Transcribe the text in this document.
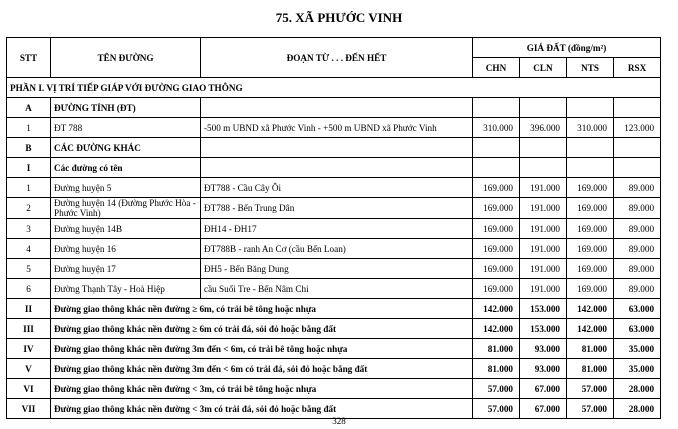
75. XÃ PHƯỚC VINH
STT	TÊN ĐƯỜNG	ĐOẠN TỪ . . . ĐẾN HẾT	GIÁ ĐẤT (đồng/m²)			
			CHN	CLN	NTS	RSX
PHẦN I. VỊ TRÍ TIẾP GIÁP VỚI ĐƯỜNG GIAO THÔNG						
A	ĐƯỜNG TỈNH (ĐT)					
1	ĐT 788	-500 m UBND xã Phước Vinh - +500 m UBND xã Phước Vinh	310.000	396.000	310.000	123.000
B	CÁC ĐƯỜNG KHÁC					
I	Các đường có tên					
1	Đường huyện 5	ĐT788 - Cầu Cây Ôi	169.000	191.000	169.000	89.000
2	Đường huyện 14 (Đường Phước Hòa - Phước Vinh)	ĐT788 - Bến Trung Dân	169.000	191.000	169.000	89.000
3	Đường huyện 14B	ĐH14 - ĐH17	169.000	191.000	169.000	89.000
4	Đường huyện 16	ĐT788B - ranh An Cơ (cầu Bến Loan)	169.000	191.000	169.000	89.000
5	Đường huyện 17	ĐH5 - Bến Băng Dung	169.000	191.000	169.000	89.000
6	Đường Thạnh Tây - Hoà Hiệp	cầu Suối Tre - Bến Nâm Chi	169.000	191.000	169.000	89.000
II	Đường giao thông khác nền đường ≥ 6m, có trải bê tông hoặc nhựa		142.000	153.000	142.000	63.000
III	Đường giao thông khác nền đường ≥ 6m có trải đá, sỏi đỏ hoặc bằng đất		142.000	153.000	142.000	63.000
IV	Đường giao thông khác nền đường 3m đến < 6m, có trải bê tông hoặc nhựa		81.000	93.000	81.000	35.000
V	Đường giao thông khác nền đường 3m đến < 6m có trải đá, sỏi đỏ hoặc bằng đất		81.000	93.000	81.000	35.000
VI	Đường giao thông khác nền đường < 3m, có trải bê tông hoặc nhựa		57.000	67.000	57.000	28.000
VII	Đường giao thông khác nền đường < 3m có trải đá, sỏi đỏ hoặc bằng đất		57.000	67.000	57.000	28.000
328
